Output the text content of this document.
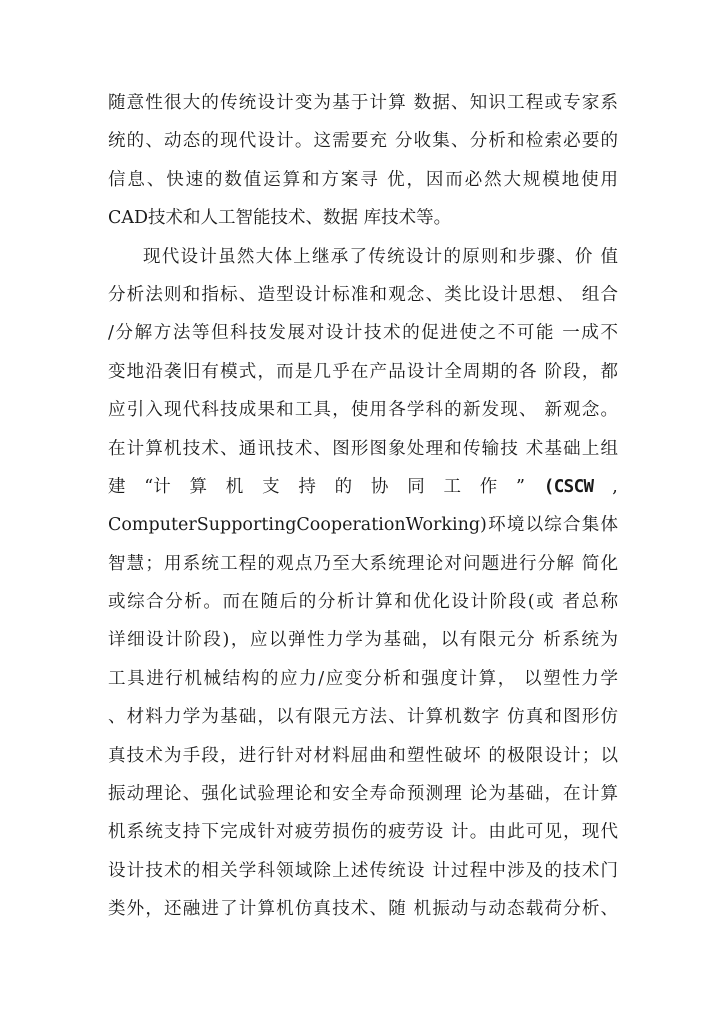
随意性很大的传统设计变为基于计算 数据、知识工程或专家系
统的、动态的现代设计。这需要充 分收集、分析和检索必要的
信息、快速的数值运算和方案寻 优，因而必然大规模地使用
CAD技术和人工智能技术、数据 库技术等。
现代设计虽然大体上继承了传统设计的原则和步骤、价 值
分析法则和指标、造型设计标准和观念、类比设计思想、 组合
/分解方法等但科技发展对设计技术的促进使之不可能 一成不
变地沿袭旧有模式，而是几乎在产品设计全周期的各 阶段，都
应引入现代科技成果和工具，使用各学科的新发现、 新观念。
在计算机技术、通讯技术、图形图象处理和传输技 术基础上组
建 “计 算 机 支 持 的 协 同 工 作 ” (CSCW ,
ComputerSupportingCooperationWorking)环境以综合集体
智慧；用系统工程的观点乃至大系统理论对问题进行分解 简化
或综合分析。而在随后的分析计算和优化设计阶段(或 者总称
详细设计阶段)，应以弹性力学为基础，以有限元分 析系统为
工具进行机械结构的应力/应变分析和强度计算， 以塑性力学
、材料力学为基础，以有限元方法、计算机数字 仿真和图形仿
真技术为手段，进行针对材料屈曲和塑性破坏 的极限设计；以
振动理论、强化试验理论和安全寿命预测理 论为基础，在计算
机系统支持下完成针对疲劳损伤的疲劳设 计。由此可见，现代
设计技术的相关学科领域除上述传统设 计过程中涉及的技术门
类外，还融进了计算机仿真技术、随 机振动与动态载荷分析、
